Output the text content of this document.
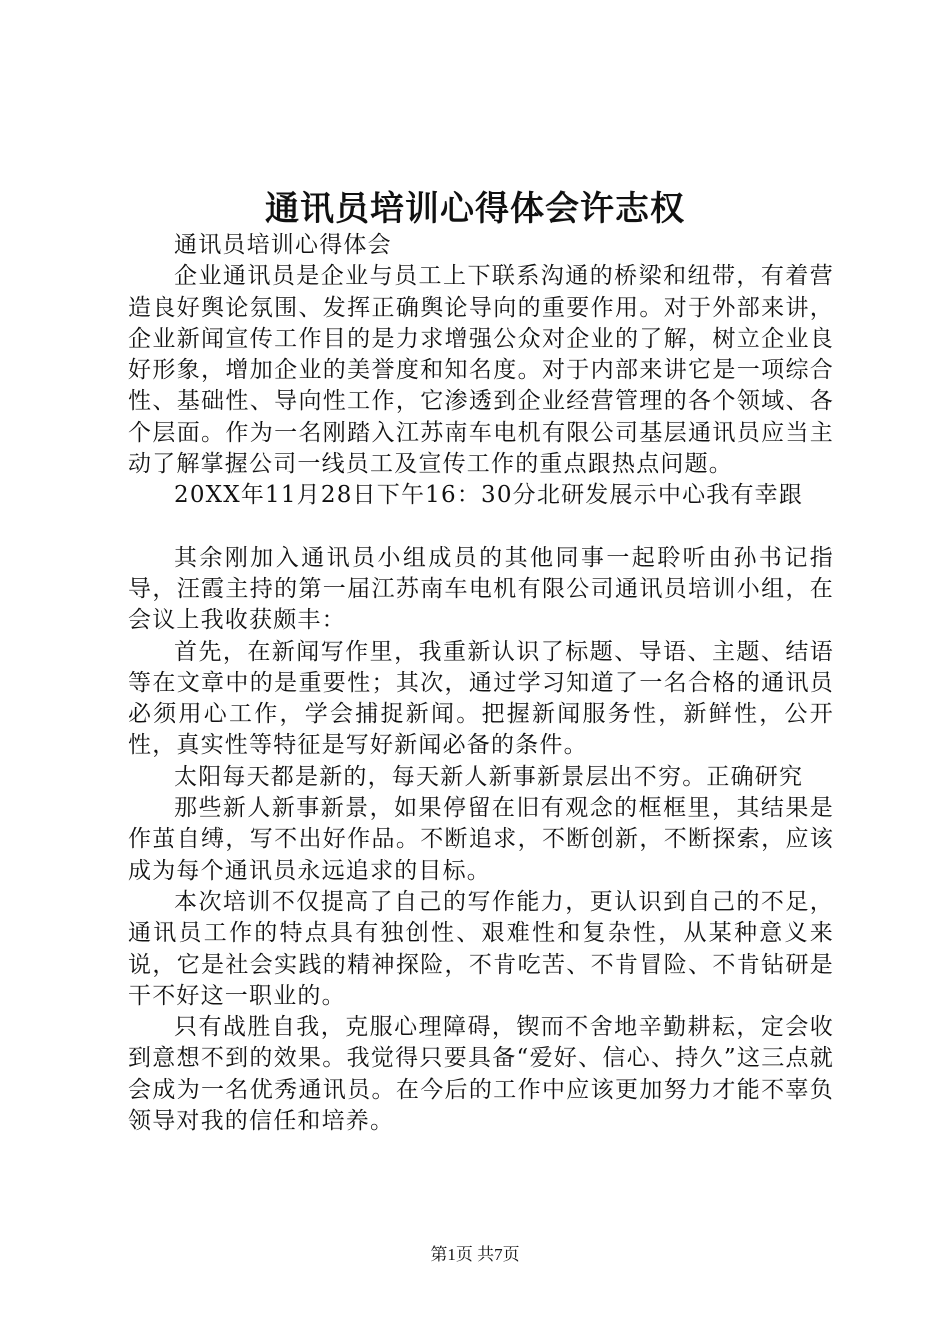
通讯员培训心得体会许志权

通讯员培训心得体会

企业通讯员是企业与员工上下联系沟通的桥梁和纽带，有着营造良好舆论氛围、发挥正确舆论导向的重要作用。对于外部来讲，企业新闻宣传工作目的是力求增强公众对企业的了解，树立企业良好形象，增加企业的美誉度和知名度。对于内部来讲它是一项综合性、基础性、导向性工作，它渗透到企业经营管理的各个领域、各个层面。作为一名刚踏入江苏南车电机有限公司基层通讯员应当主动了解掌握公司一线员工及宣传工作的重点跟热点问题。

20XX年11月28日下午16：30分北研发展示中心我有幸跟

其余刚加入通讯员小组成员的其他同事一起聆听由孙书记指导，汪霞主持的第一届江苏南车电机有限公司通讯员培训小组，在会议上我收获颇丰：

首先，在新闻写作里，我重新认识了标题、导语、主题、结语等在文章中的是重要性；其次，通过学习知道了一名合格的通讯员必须用心工作，学会捕捉新闻。把握新闻服务性，新鲜性，公开性，真实性等特征是写好新闻必备的条件。

太阳每天都是新的，每天新人新事新景层出不穷。正确研究

那些新人新事新景，如果停留在旧有观念的框框里，其结果是作茧自缚，写不出好作品。不断追求，不断创新，不断探索，应该成为每个通讯员永远追求的目标。

本次培训不仅提高了自己的写作能力，更认识到自己的不足，通讯员工作的特点具有独创性、艰难性和复杂性，从某种意义来说，它是社会实践的精神探险，不肯吃苦、不肯冒险、不肯钻研是干不好这一职业的。

只有战胜自我，克服心理障碍，锲而不舍地辛勤耕耘，定会收到意想不到的效果。我觉得只要具备“爱好、信心、持久”这三点就会成为一名优秀通讯员。在今后的工作中应该更加努力才能不辜负领导对我的信任和培养。

第1页 共7页
